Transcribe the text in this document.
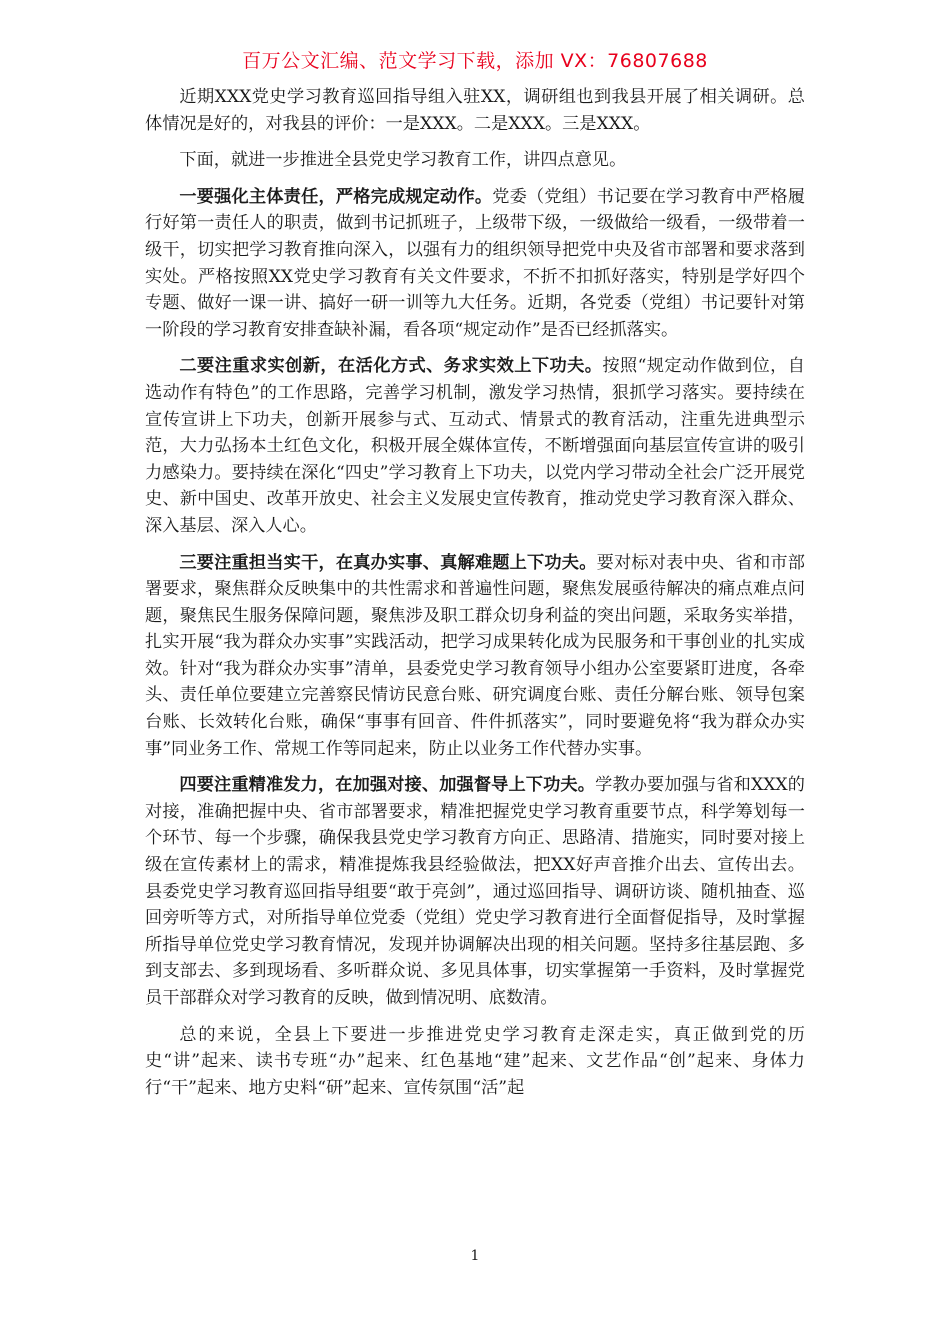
百万公文汇编、范文学习下载，添加 VX：76807688

近期XXX党史学习教育巡回指导组入驻XX，调研组也到我县开展了相关调研。总体情况是好的，对我县的评价：一是XXX。二是XXX。三是XXX。

下面，就进一步推进全县党史学习教育工作，讲四点意见。

一要强化主体责任，严格完成规定动作。党委（党组）书记要在学习教育中严格履行好第一责任人的职责，做到书记抓班子，上级带下级，一级做给一级看，一级带着一级干，切实把学习教育推向深入，以强有力的组织领导把党中央及省市部署和要求落到实处。严格按照XX党史学习教育有关文件要求，不折不扣抓好落实，特别是学好四个专题、做好一课一讲、搞好一研一训等九大任务。近期，各党委（党组）书记要针对第一阶段的学习教育安排查缺补漏，看各项“规定动作”是否已经抓落实。

二要注重求实创新，在活化方式、务求实效上下功夫。按照“规定动作做到位，自选动作有特色”的工作思路，完善学习机制，激发学习热情，狠抓学习落实。要持续在宣传宣讲上下功夫，创新开展参与式、互动式、情景式的教育活动，注重先进典型示范，大力弘扬本土红色文化，积极开展全媒体宣传，不断增强面向基层宣传宣讲的吸引力感染力。要持续在深化“四史”学习教育上下功夫，以党内学习带动全社会广泛开展党史、新中国史、改革开放史、社会主义发展史宣传教育，推动党史学习教育深入群众、深入基层、深入人心。

三要注重担当实干，在真办实事、真解难题上下功夫。要对标对表中央、省和市部署要求，聚焦群众反映集中的共性需求和普遍性问题，聚焦发展亟待解决的痛点难点问题，聚焦民生服务保障问题，聚焦涉及职工群众切身利益的突出问题，采取务实举措，扎实开展“我为群众办实事”实践活动，把学习成果转化成为民服务和干事创业的扎实成效。针对“我为群众办实事”清单，县委党史学习教育领导小组办公室要紧盯进度，各牵头、责任单位要建立完善察民情访民意台账、研究调度台账、责任分解台账、领导包案台账、长效转化台账，确保“事事有回音、件件抓落实”，同时要避免将“我为群众办实事”同业务工作、常规工作等同起来，防止以业务工作代替办实事。

四要注重精准发力，在加强对接、加强督导上下功夫。学教办要加强与省和XXX的对接，准确把握中央、省市部署要求，精准把握党史学习教育重要节点，科学筹划每一个环节、每一个步骤，确保我县党史学习教育方向正、思路清、措施实，同时要对接上级在宣传素材上的需求，精准提炼我县经验做法，把XX好声音推介出去、宣传出去。县委党史学习教育巡回指导组要“敢于亮剑”，通过巡回指导、调研访谈、随机抽查、巡回旁听等方式，对所指导单位党委（党组）党史学习教育进行全面督促指导，及时掌握所指导单位党史学习教育情况，发现并协调解决出现的相关问题。坚持多往基层跑、多到支部去、多到现场看、多听群众说、多见具体事，切实掌握第一手资料，及时掌握党员干部群众对学习教育的反映，做到情况明、底数清。

总的来说，全县上下要进一步推进党史学习教育走深走实，真正做到党的历史“讲”起来、读书专班“办”起来、红色基地“建”起来、文艺作品“创”起来、身体力行“干”起来、地方史料“研”起来、宣传氛围“活”起

1
